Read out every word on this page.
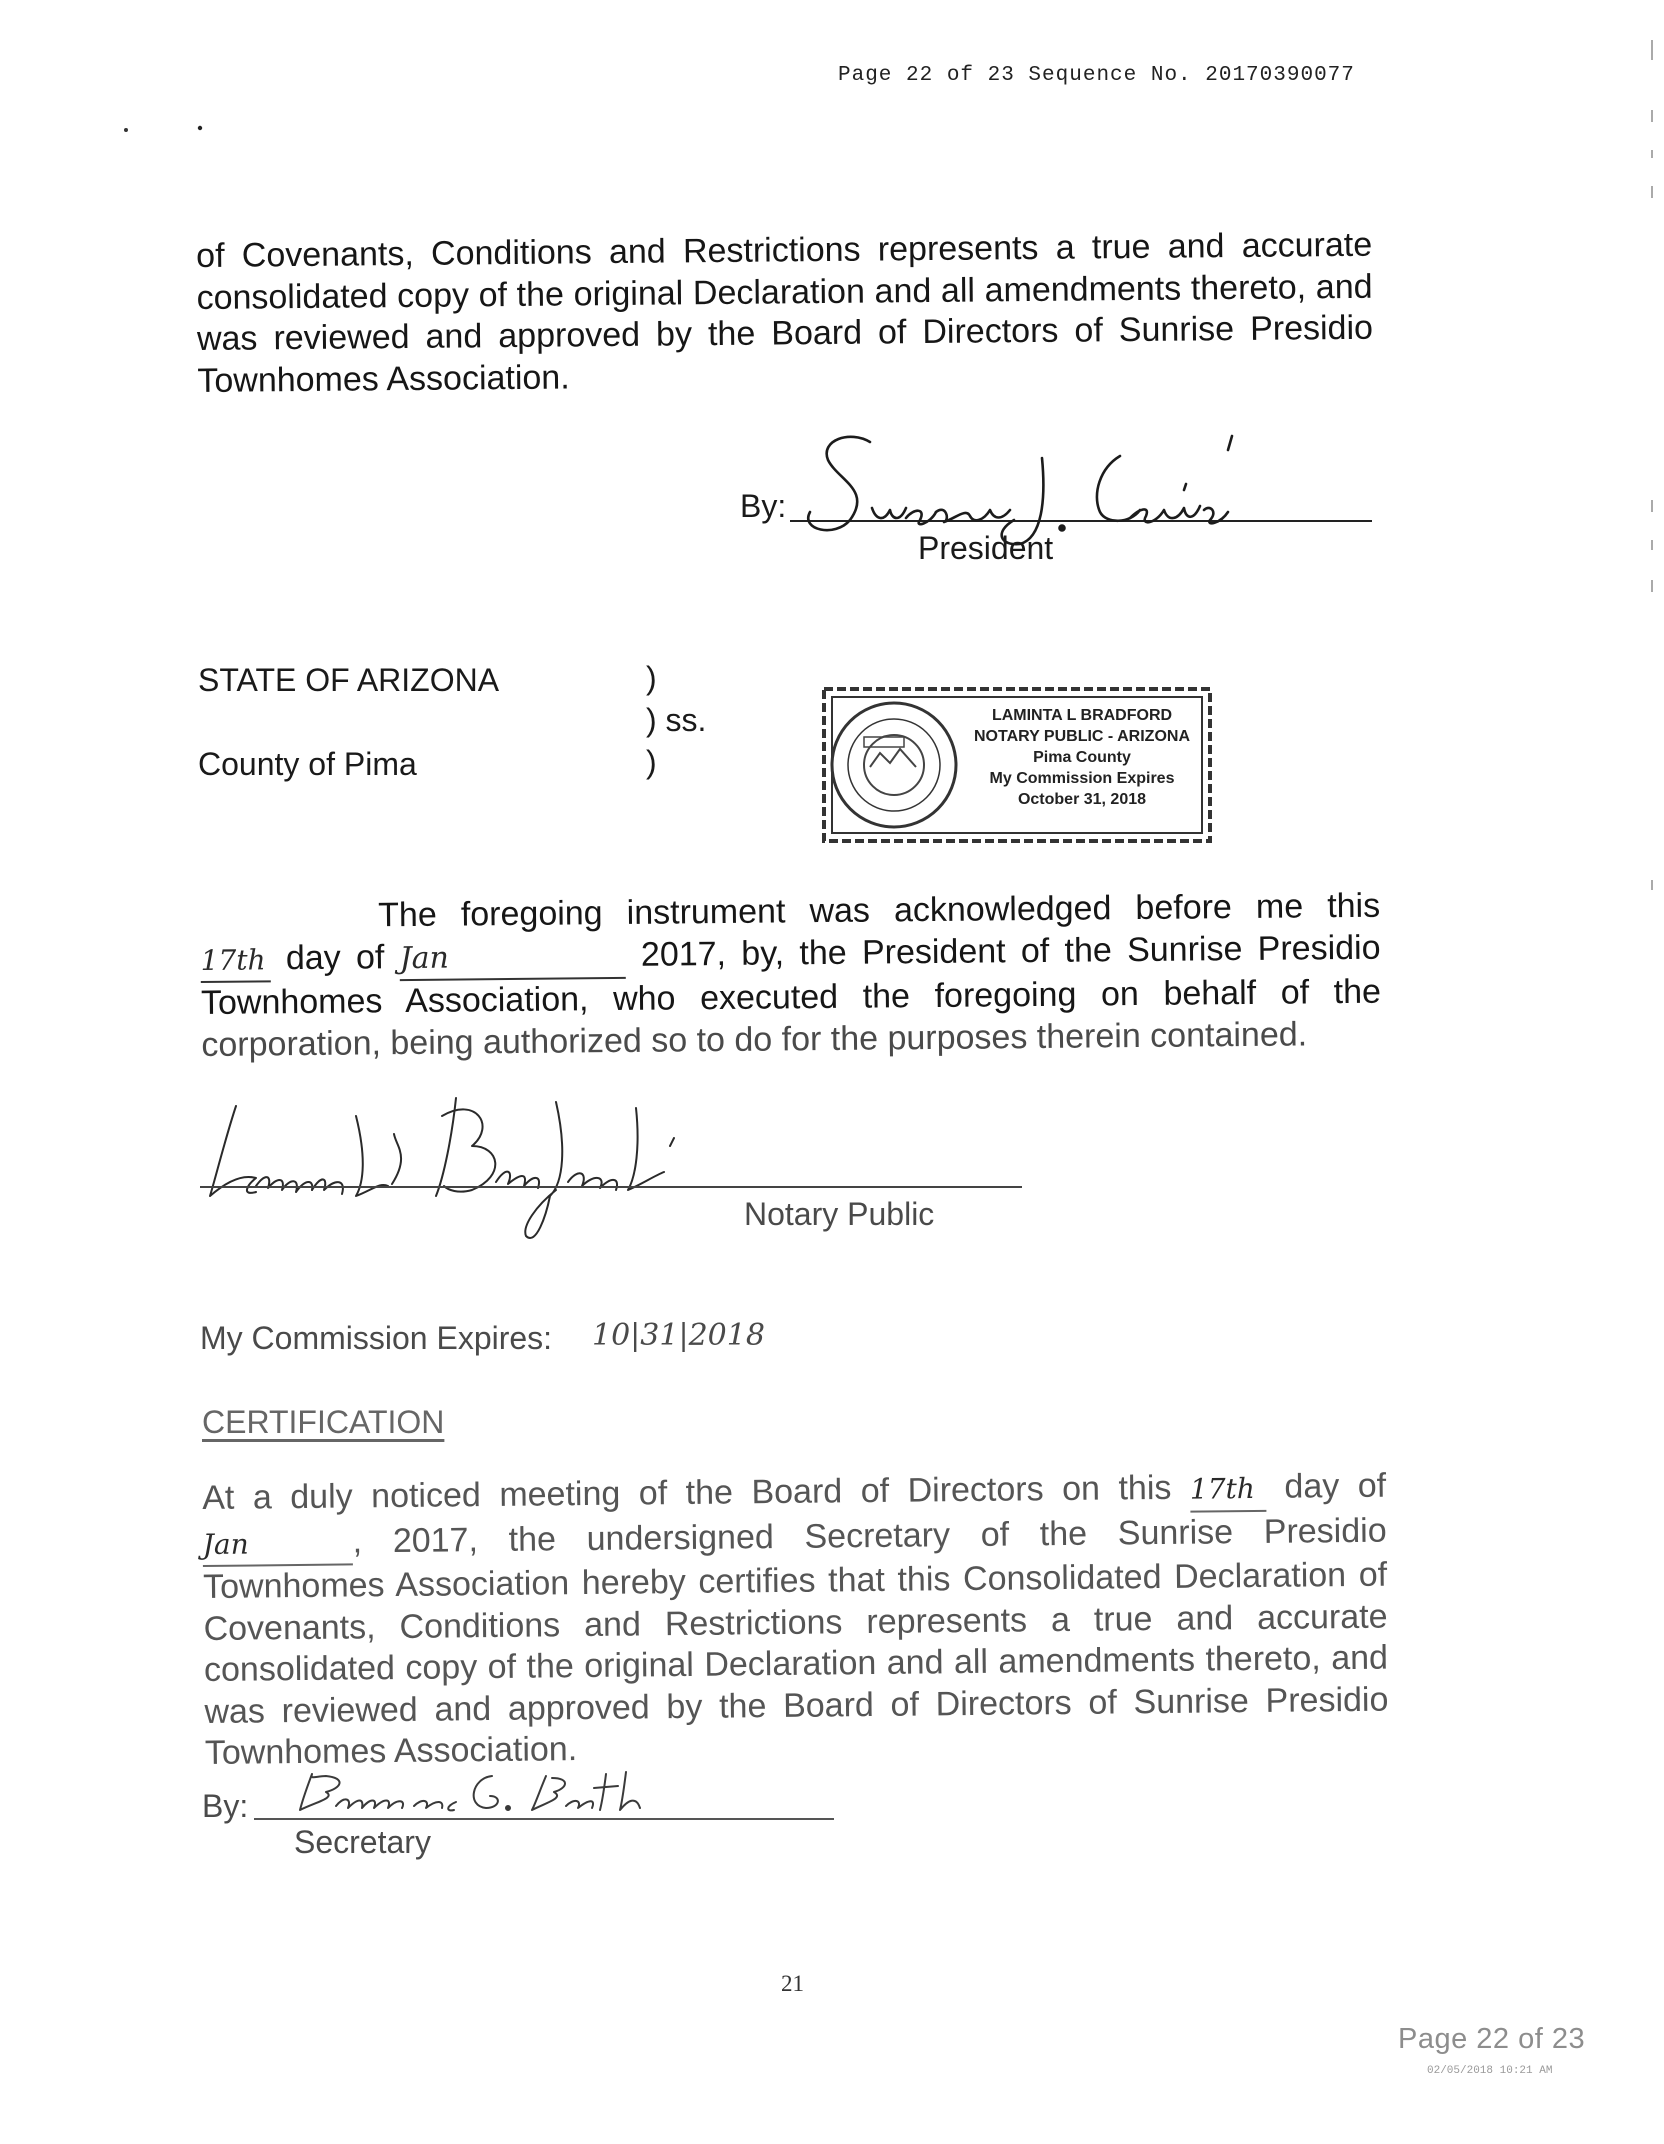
Page 22 of 23 Sequence No. 20170390077

of Covenants, Conditions and Restrictions represents a true and accurate consolidated copy of the original Declaration and all amendments thereto, and was reviewed and approved by the Board of Directors of Sunrise Presidio Townhomes Association.

By:
President
STATE OF ARIZONA	)
) ss.
County of Pima	)
LAMINTA L BRADFORD
NOTARY PUBLIC - ARIZONA
Pima County
My Commission Expires
October 31, 2018
The foregoing instrument was acknowledged before me this
17th day of Jan	2017, by, the President of the Sunrise Presidio
Townhomes Association, who executed the foregoing on behalf of the
corporation, being authorized so to do for the purposes therein contained.
Notary Public
My Commission Expires: 10|31|2018
CERTIFICATION
At a duly noticed meeting of the Board of Directors on this 17th day of
Jan	, 2017, the undersigned Secretary of the Sunrise Presidio Townhomes Association hereby certifies that this Consolidated Declaration of Covenants, Conditions and Restrictions represents a true and accurate consolidated copy of the original Declaration and all amendments thereto, and was reviewed and approved by the Board of Directors of Sunrise Presidio Townhomes Association.
By:
Secretary
21
Page 22 of 23
02/05/2018 10:21 AM
